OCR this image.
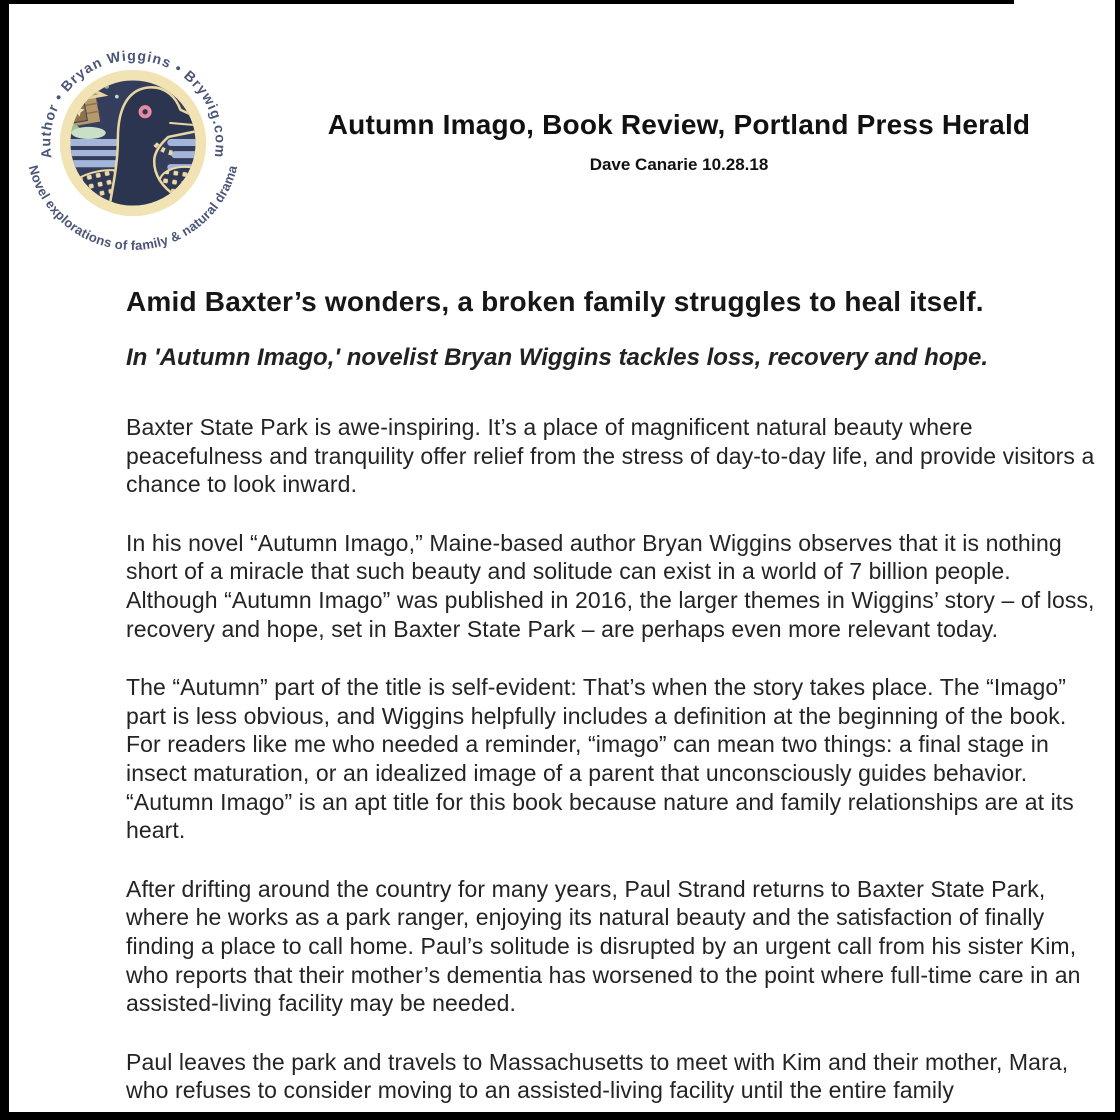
Author • Bryan Wiggins • Brywig.com
Novel explorations of family & natural drama
Autumn Imago, Book Review, Portland Press Herald
Dave Canarie 10.28.18
Amid Baxter’s wonders, a broken family struggles to heal itself.
In 'Autumn Imago,' novelist Bryan Wiggins tackles loss, recovery and hope.

Baxter State Park is awe-inspiring. It’s a place of magnificent natural beauty where peacefulness and tranquility offer relief from the stress of day-to-day life, and provide visitors a chance to look inward.

In his novel “Autumn Imago,” Maine-based author Bryan Wiggins observes that it is nothing short of a miracle that such beauty and solitude can exist in a world of 7 billion people. Although “Autumn Imago” was published in 2016, the larger themes in Wiggins’ story – of loss, recovery and hope, set in Baxter State Park – are perhaps even more relevant today.

The “Autumn” part of the title is self-evident: That’s when the story takes place. The “Imago” part is less obvious, and Wiggins helpfully includes a definition at the beginning of the book. For readers like me who needed a reminder, “imago” can mean two things: a final stage in insect maturation, or an idealized image of a parent that unconsciously guides behavior. “Autumn Imago” is an apt title for this book because nature and family relationships are at its heart.

After drifting around the country for many years, Paul Strand returns to Baxter State Park, where he works as a park ranger, enjoying its natural beauty and the satisfaction of finally finding a place to call home. Paul’s solitude is disrupted by an urgent call from his sister Kim, who reports that their mother’s dementia has worsened to the point where full-time care in an assisted-living facility may be needed.

Paul leaves the park and travels to Massachusetts to meet with Kim and their mother, Mara, who refuses to consider moving to an assisted-living facility until the entire family
